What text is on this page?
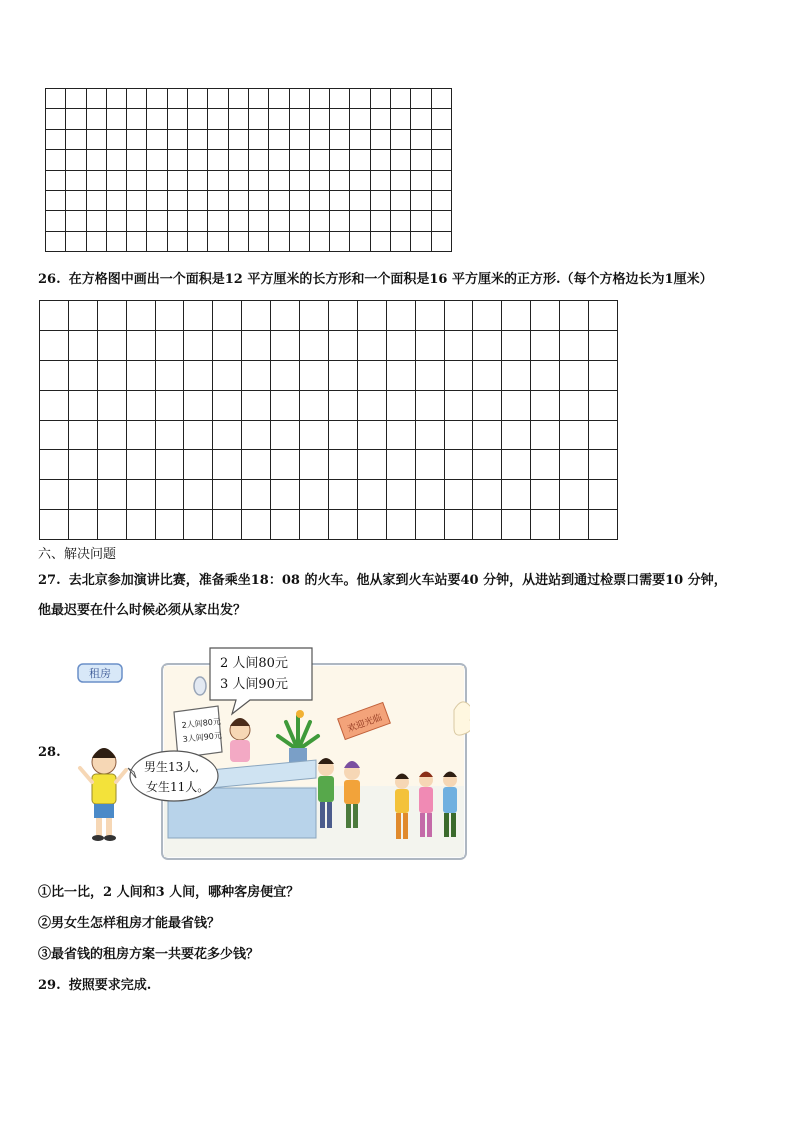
26. 在方格图中画出一个面积是12 平方厘米的长方形和一个面积是16 平方厘米的正方形.（每个方格边长为1厘米）
六、解决问题
27. 去北京参加演讲比赛，准备乘坐18：08 的火车。他从家到火车站要40 分钟，从进站到通过检票口需要10 分钟，
他最迟要在什么时候必须从家出发？
28.
租房
2 人间80元
3 人间90元
2人间80元
3人间90元
欢迎光临
男生13人,
女生11人。
①比一比，2 人间和3 人间，哪种客房便宜？
②男女生怎样租房才能最省钱？
③最省钱的租房方案一共要花多少钱？
29. 按照要求完成.
